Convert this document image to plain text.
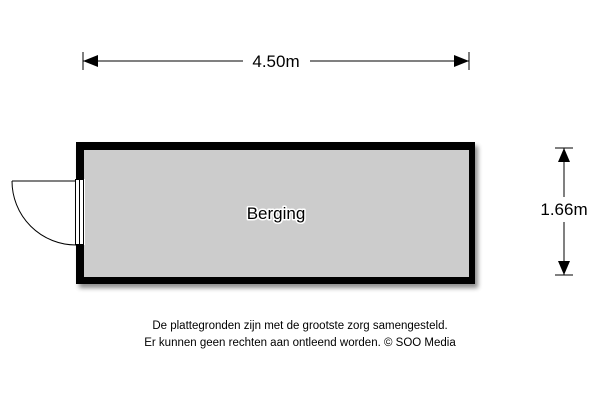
4.50m
1.66m
Berging
De plattegronden zijn met de grootste zorg samengesteld.
Er kunnen geen rechten aan ontleend worden. © SOO Media
